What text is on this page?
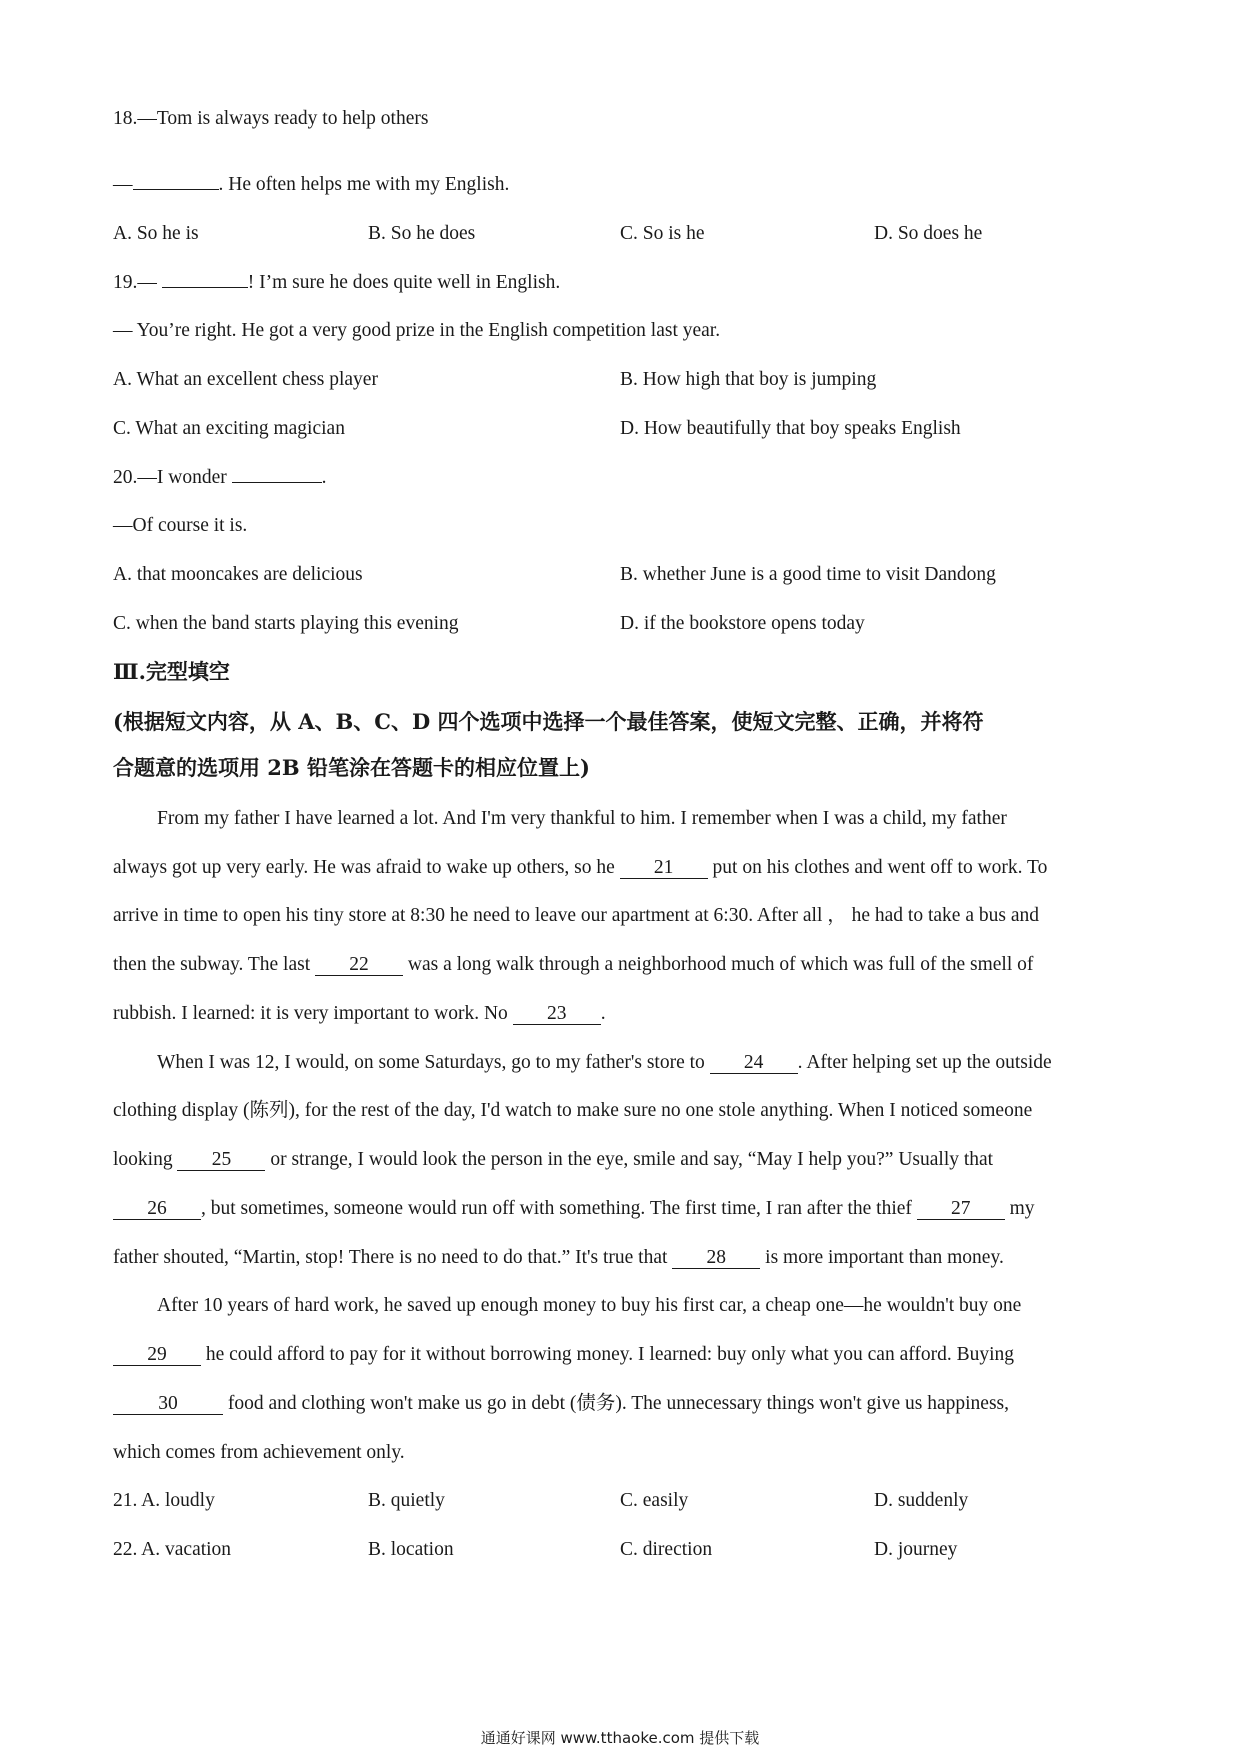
18.—Tom is always ready to help others
—	. He often helps me with my English.
A. So he is	B. So he does	C. So is he	D. So does he
19.—	! I’m sure he does quite well in English.
— You’re right. He got a very good prize in the English competition last year.
A. What an excellent chess player	B. How high that boy is jumping
C. What an exciting magician	D. How beautifully that boy speaks English
20.—I wonder	.
—Of course it is.
A. that mooncakes are delicious	B. whether June is a good time to visit Dandong
C. when the band starts playing this evening	D. if the bookstore opens today
Ⅲ.完型填空
(根据短文内容，从 A、B、C、D 四个选项中选择一个最佳答案，使短文完整、正确，并将符
合题意的选项用 2B 铅笔涂在答题卡的相应位置上)
From my father I have learned a lot. And I'm very thankful to him. I remember when I was a child, my father
always got up very early. He was afraid to wake up others, so he 21 put on his clothes and went off to work. To
arrive in time to open his tiny store at 8:30 he need to leave our apartment at 6:30. After all ， he had to take a bus and
then the subway. The last 22 was a long walk through a neighborhood much of which was full of the smell of
rubbish. I learned: it is very important to work. No 23 .
When I was 12, I would, on some Saturdays, go to my father's store to 24 . After helping set up the outside
clothing display (陈列), for the rest of the day, I'd watch to make sure no one stole anything. When I noticed someone
looking 25 or strange, I would look the person in the eye, smile and say, “May I help you?” Usually that
26 , but sometimes, someone would run off with something. The first time, I ran after the thief 27 my
father shouted, “Martin, stop! There is no need to do that.” It's true that 28 is more important than money.
After 10 years of hard work, he saved up enough money to buy his first car, a cheap one—he wouldn't buy one
29 he could afford to pay for it without borrowing money. I learned: buy only what you can afford. Buying
30 food and clothing won't make us go in debt (债务). The unnecessary things won't give us happiness,
which comes from achievement only.
21. A. loudly	B. quietly	C. easily	D. suddenly
22. A. vacation	B. location	C. direction	D. journey
通通好课网 www.tthaoke.com 提供下载
